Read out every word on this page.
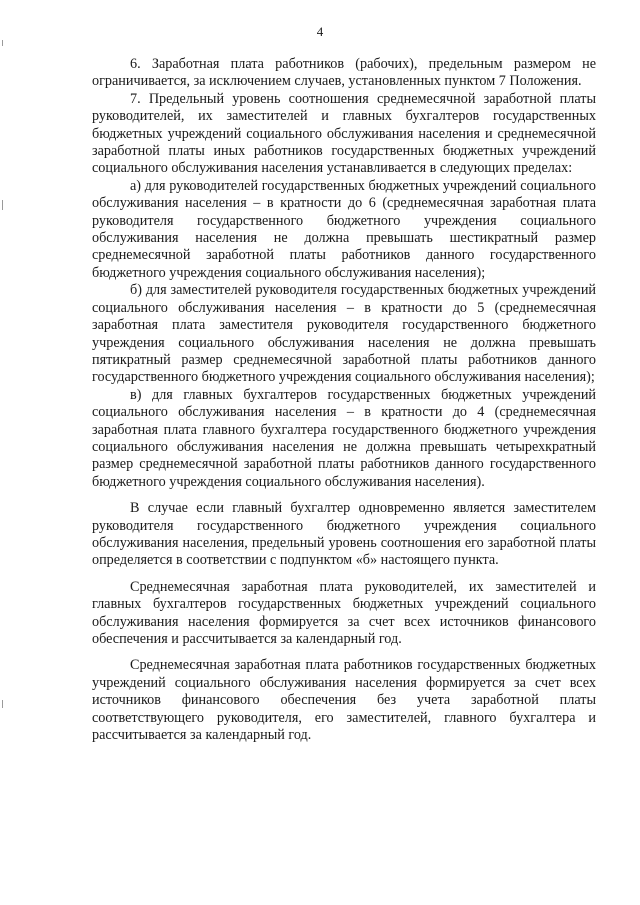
4

6. Заработная плата работников (рабочих), предельным размером не ограничивается, за исключением случаев, установленных пунктом 7 Положения.

7. Предельный уровень соотношения среднемесячной заработной платы руководителей, их заместителей и главных бухгалтеров государственных бюджетных учреждений социального обслуживания населения и среднемесячной заработной платы иных работников государственных бюджетных учреждений социального обслуживания населения устанавливается в следующих пределах:

а) для руководителей государственных бюджетных учреждений социального обслуживания населения – в кратности до 6 (среднемесячная заработная плата руководителя государственного бюджетного учреждения социального обслуживания населения не должна превышать шестикратный размер среднемесячной заработной платы работников данного государственного бюджетного учреждения социального обслуживания населения);

б) для заместителей руководителя государственных бюджетных учреждений социального обслуживания населения – в кратности до 5 (среднемесячная заработная плата заместителя руководителя государственного бюджетного учреждения социального обслуживания населения не должна превышать пятикратный размер среднемесячной заработной платы работников данного государственного бюджетного учреждения социального обслуживания населения);

в) для главных бухгалтеров государственных бюджетных учреждений социального обслуживания населения – в кратности до 4 (среднемесячная заработная плата главного бухгалтера государственного бюджетного учреждения социального обслуживания населения не должна превышать четырехкратный размер среднемесячной заработной платы работников данного государственного бюджетного учреждения социального обслуживания населения).

В случае если главный бухгалтер одновременно является заместителем руководителя государственного бюджетного учреждения социального обслуживания населения, предельный уровень соотношения его заработной платы определяется в соответствии с подпунктом «б» настоящего пункта.

Среднемесячная заработная плата руководителей, их заместителей и главных бухгалтеров государственных бюджетных учреждений социального обслуживания населения формируется за счет всех источников финансового обеспечения и рассчитывается за календарный год.

Среднемесячная заработная плата работников государственных бюджетных учреждений социального обслуживания населения формируется за счет всех источников финансового обеспечения без учета заработной платы соответствующего руководителя, его заместителей, главного бухгалтера и рассчитывается за календарный год.
